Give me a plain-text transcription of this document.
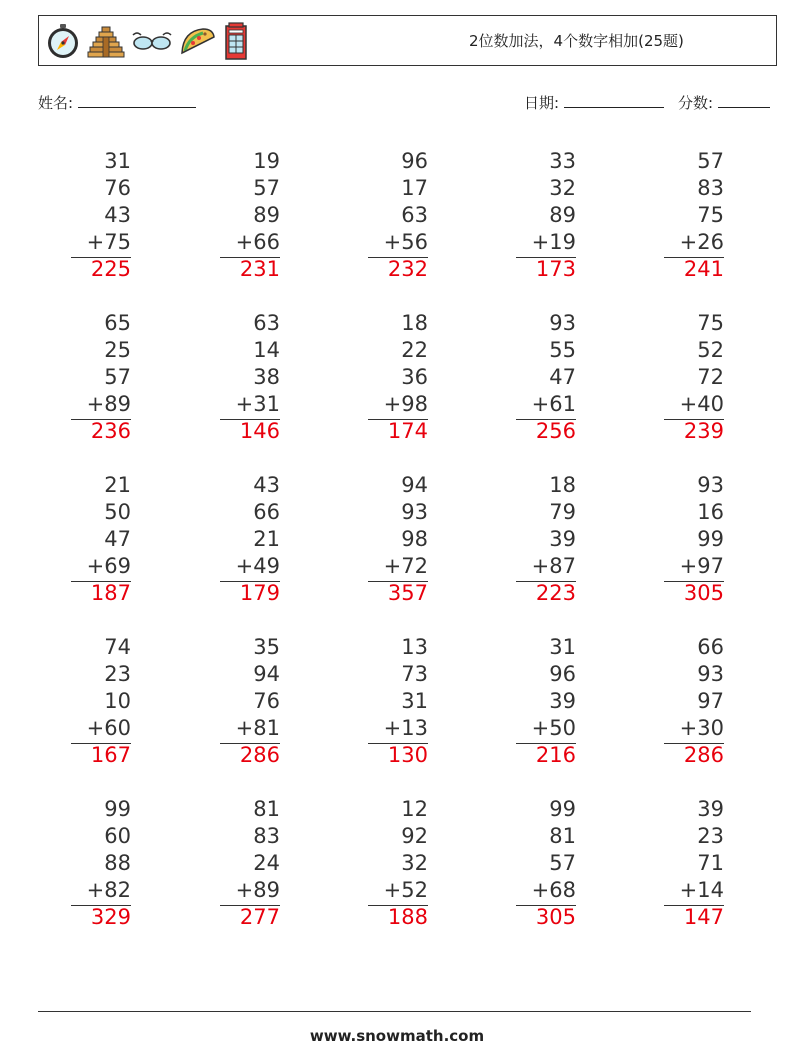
2位数加法，4个数字相加(25题)
姓名:	日期:	分数:
31
76
43
+75
225
19
57
89
+66
231
96
17
63
+56
232
33
32
89
+19
173
57
83
75
+26
241
65
25
57
+89
236
63
14
38
+31
146
18
22
36
+98
174
93
55
47
+61
256
75
52
72
+40
239
21
50
47
+69
187
43
66
21
+49
179
94
93
98
+72
357
18
79
39
+87
223
93
16
99
+97
305
74
23
10
+60
167
35
94
76
+81
286
13
73
31
+13
130
31
96
39
+50
216
66
93
97
+30
286
99
60
88
+82
329
81
83
24
+89
277
12
92
32
+52
188
99
81
57
+68
305
39
23
71
+14
147
www.snowmath.com
